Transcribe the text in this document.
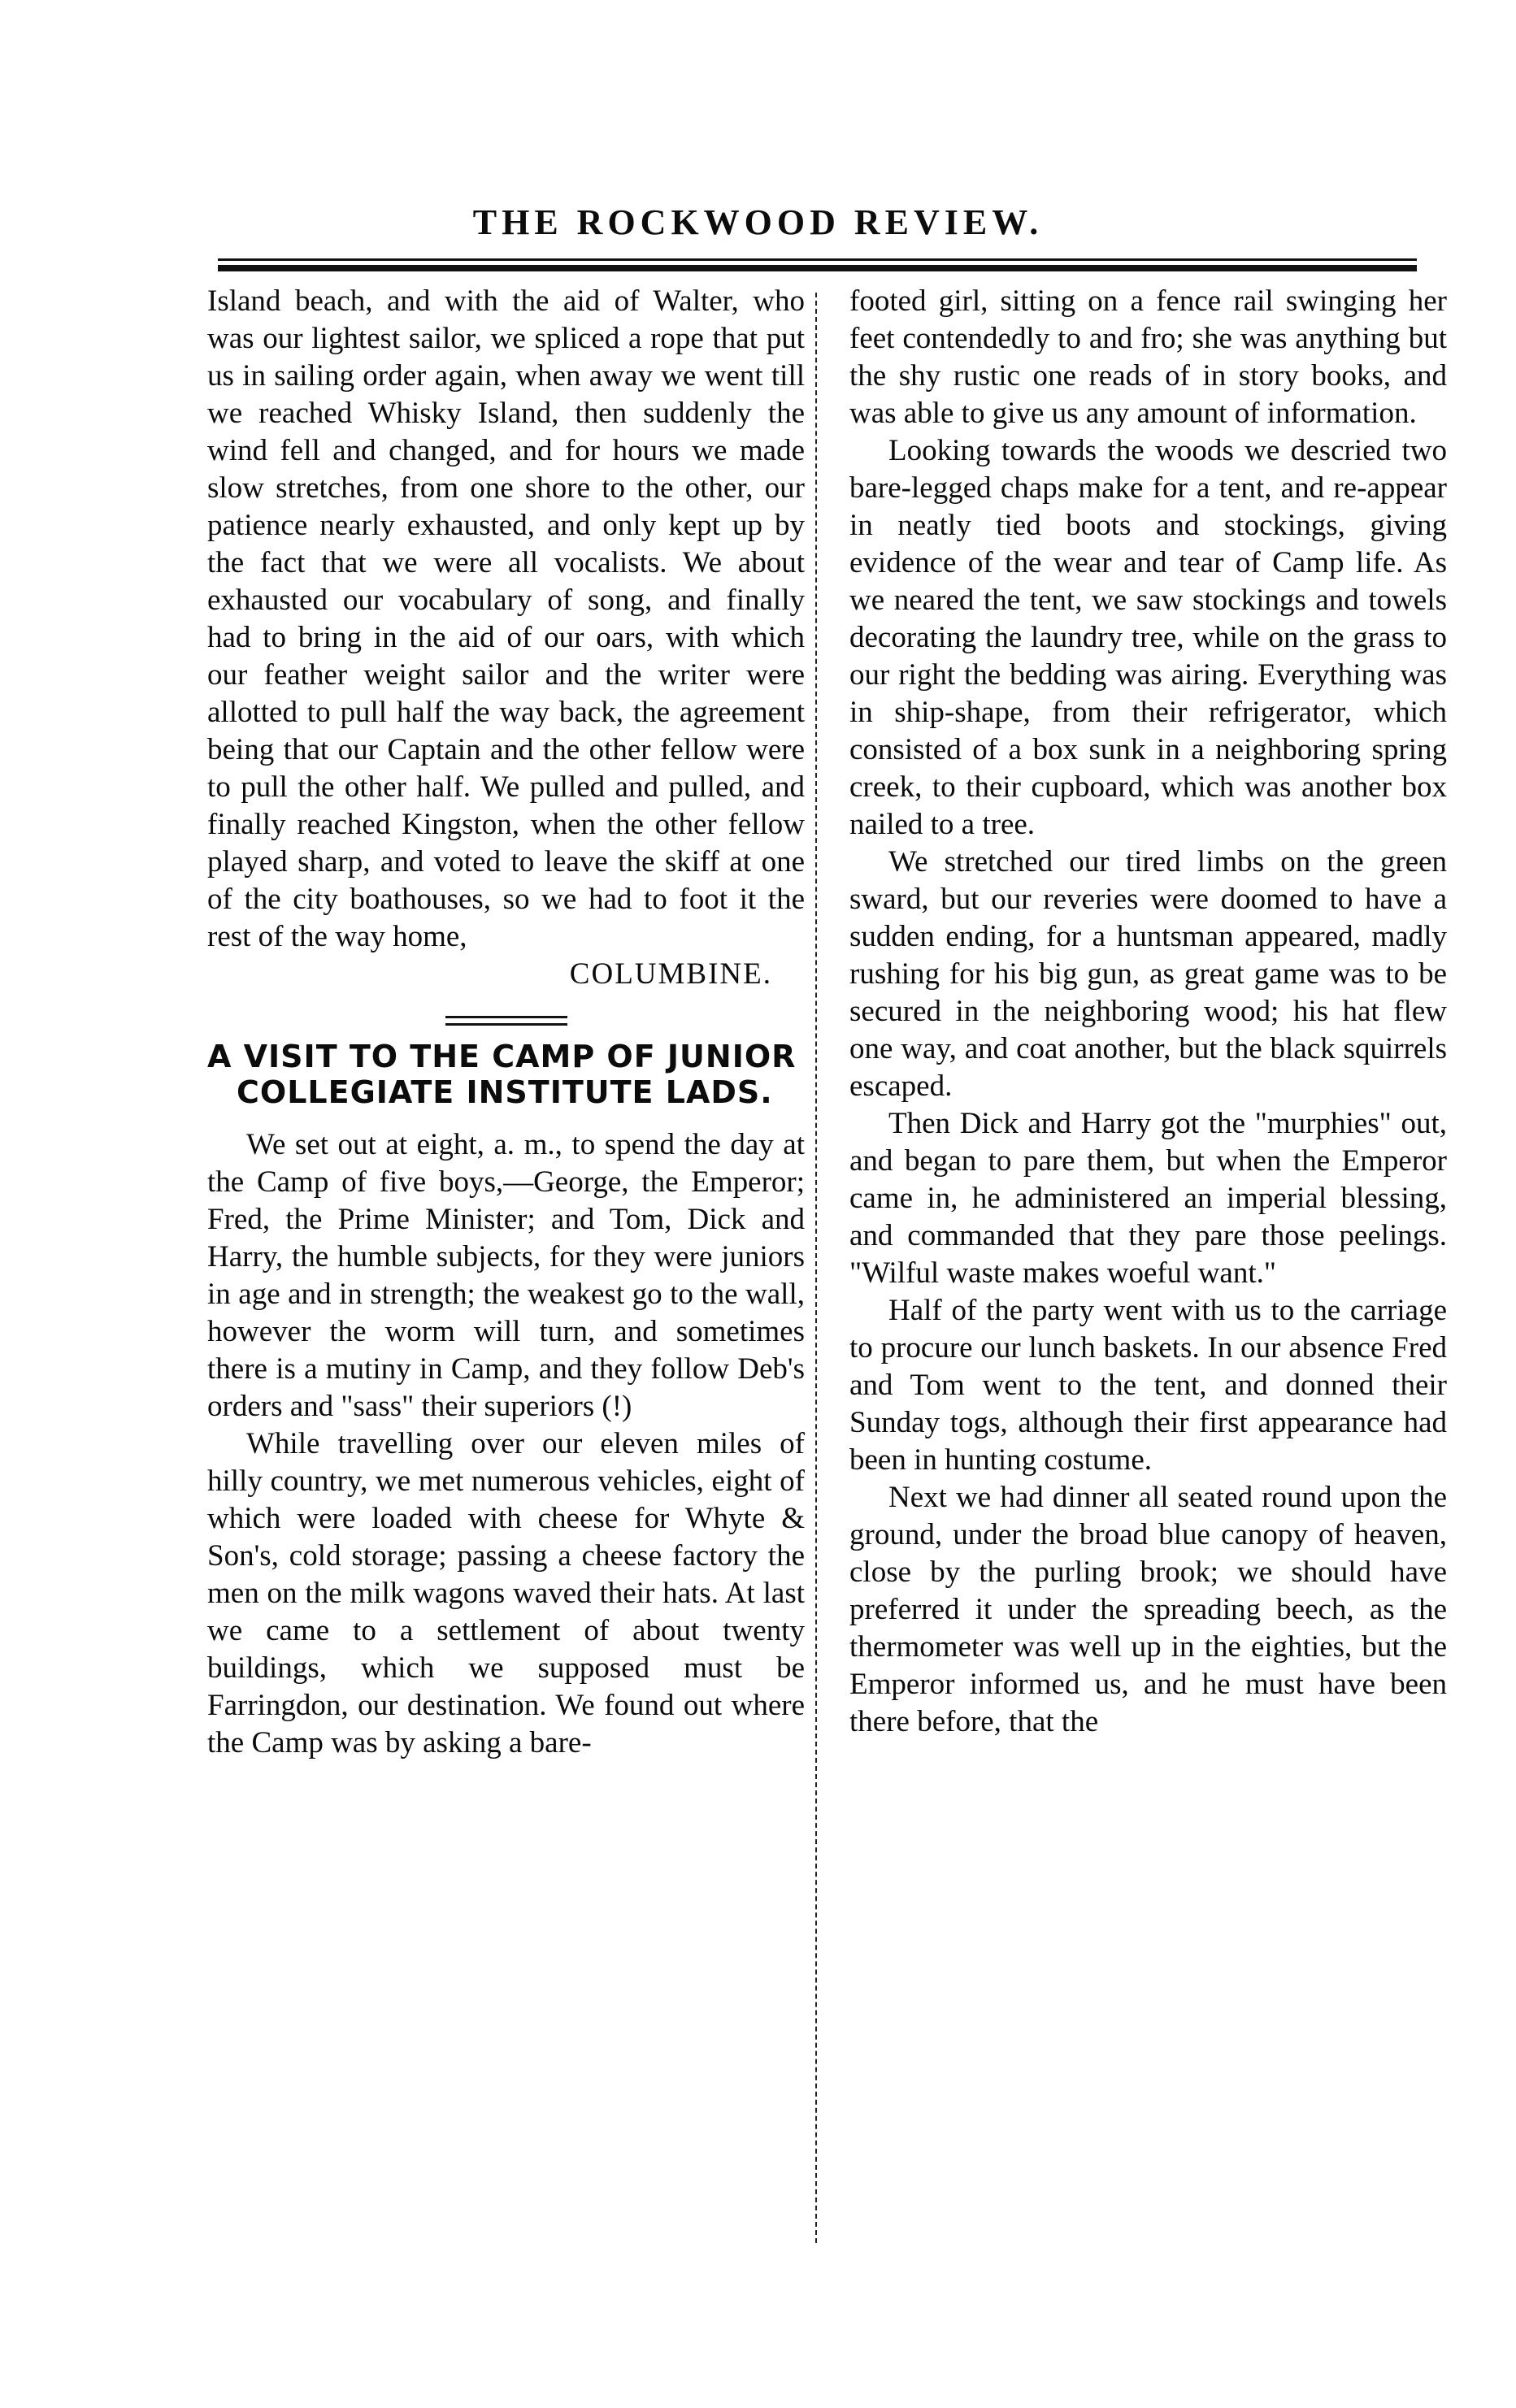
THE ROCKWOOD REVIEW.

Island beach, and with the aid of Walter, who was our lightest sailor, we spliced a rope that put us in sailing order again, when away we went till we reached Whisky Island, then suddenly the wind fell and changed, and for hours we made slow stretches, from one shore to the other, our patience nearly exhausted, and only kept up by the fact that we were all vocalists. We about exhausted our vocabulary of song, and finally had to bring in the aid of our oars, with which our feather weight sailor and the writer were allotted to pull half the way back, the agreement being that our Captain and the other fellow were to pull the other half. We pulled and pulled, and finally reached Kingston, when the other fellow played sharp, and voted to leave the skiff at one of the city boathouses, so we had to foot it the rest of the way home,

COLUMBINE.

A VISIT TO THE CAMP OF JUNIOR
COLLEGIATE INSTITUTE LADS.

We set out at eight, a. m., to spend the day at the Camp of five boys,—George, the Emperor; Fred, the Prime Minister; and Tom, Dick and Harry, the humble subjects, for they were juniors in age and in strength; the weakest go to the wall, however the worm will turn, and sometimes there is a mutiny in Camp, and they follow Deb's orders and "sass" their superiors (!)

While travelling over our eleven miles of hilly country, we met numerous vehicles, eight of which were loaded with cheese for Whyte & Son's, cold storage; passing a cheese factory the men on the milk wagons waved their hats. At last we came to a settlement of about twenty buildings, which we supposed must be Farringdon, our destination. We found out where the Camp was by asking a bare-

footed girl, sitting on a fence rail swinging her feet contendedly to and fro; she was anything but the shy rustic one reads of in story books, and was able to give us any amount of information.

Looking towards the woods we descried two bare-legged chaps make for a tent, and re-appear in neatly tied boots and stockings, giving evidence of the wear and tear of Camp life. As we neared the tent, we saw stockings and towels decorating the laundry tree, while on the grass to our right the bedding was airing. Everything was in ship-shape, from their refrigerator, which consisted of a box sunk in a neighboring spring creek, to their cupboard, which was another box nailed to a tree.

We stretched our tired limbs on the green sward, but our reveries were doomed to have a sudden ending, for a huntsman appeared, madly rushing for his big gun, as great game was to be secured in the neighboring wood; his hat flew one way, and coat another, but the black squirrels escaped.

Then Dick and Harry got the "murphies" out, and began to pare them, but when the Emperor came in, he administered an imperial blessing, and commanded that they pare those peelings. "Wilful waste makes woeful want."

Half of the party went with us to the carriage to procure our lunch baskets. In our absence Fred and Tom went to the tent, and donned their Sunday togs, although their first appearance had been in hunting costume.

Next we had dinner all seated round upon the ground, under the broad blue canopy of heaven, close by the purling brook; we should have preferred it under the spreading beech, as the thermometer was well up in the eighties, but the Emperor informed us, and he must have been there before, that the
